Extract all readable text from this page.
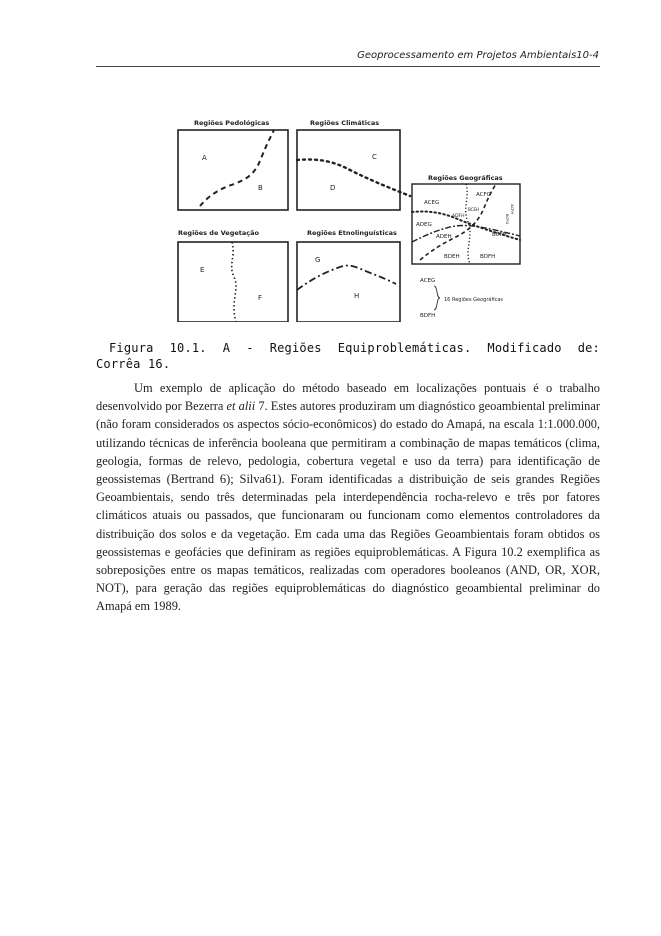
Geoprocessamento em Projetos Ambientais10-4
Regiões Pedológicas
A
B
Regiões Climáticas
C
D
Regiões de Vegetação
E
F
Regiões Etnolinguísticas
G
H
Regiões Geográficas
ACEG
ACFG
ADEG
ADFH
ADEH	BCFH
BDEH	BDFH
BCEH	ACFH
BCFG
ACEG
BDFH
16 Regiões Geográficas
Figura 10.1. A - Regiões Equiproblemáticas. Modificado de:
Corrêa 16.

Um exemplo de aplicação do método baseado em localizações pontuais é o trabalho desenvolvido por Bezerra et alii 7. Estes autores produziram um diagnóstico geoambiental preliminar (não foram considerados os aspectos sócio-econômicos) do estado do Amapá, na escala 1:1.000.000, utilizando técnicas de inferência booleana que permitiram a combinação de mapas temáticos (clima, geologia, formas de relevo, pedologia, cobertura vegetal e uso da terra) para identificação de geossistemas (Bertrand 6); Silva61). Foram identificadas a distribuição de seis grandes Regiões Geoambientais, sendo três determinadas pela interdependência rocha-relevo e três por fatores climáticos atuais ou passados, que funcionaram ou funcionam como elementos controladores da distribuição dos solos e da vegetação. Em cada uma das Regiões Geoambientais foram obtidos os geossistemas e geofácies que definiram as regiões equiproblemáticas. A Figura 10.2 exemplifica as sobreposições entre os mapas temáticos, realizadas com operadores booleanos (AND, OR, XOR, NOT), para geração das regiões equiproblemáticas do diagnóstico geoambiental preliminar do Amapá em 1989.
